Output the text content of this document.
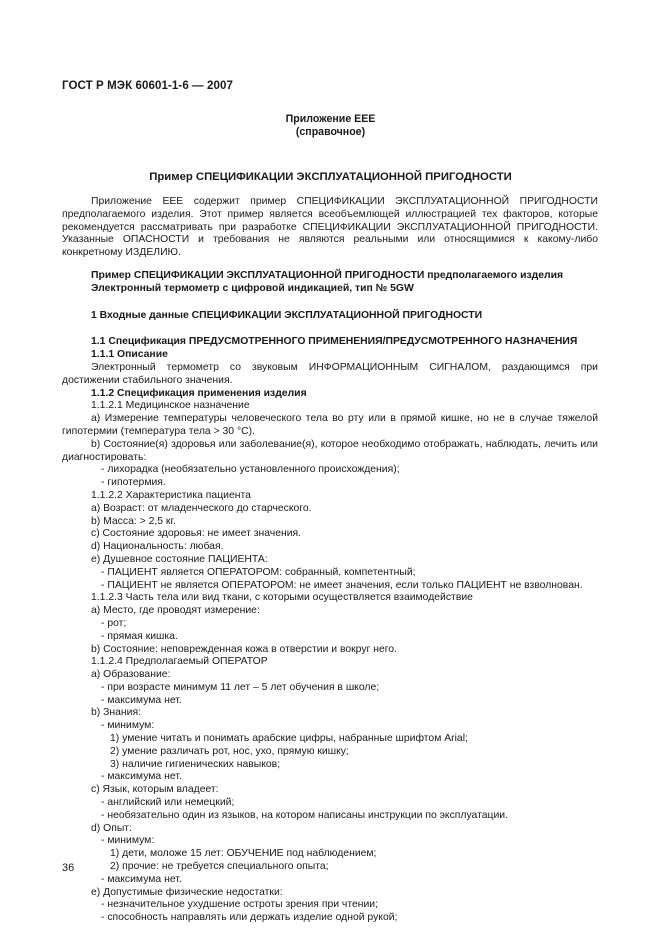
ГОСТ Р МЭК 60601-1-6 — 2007
Приложение ЕЕЕ
(справочное)
Пример СПЕЦИФИКАЦИИ ЭКСПЛУАТАЦИОННОЙ ПРИГОДНОСТИ

Приложение ЕЕЕ содержит пример СПЕЦИФИКАЦИИ ЭКСПЛУАТАЦИОННОЙ ПРИГОДНОСТИ предполагаемого изделия. Этот пример является всеобъемлющей иллюстрацией тех факторов, которые рекомендуется рассматривать при разработке СПЕЦИФИКАЦИИ ЭКСПЛУАТАЦИОННОЙ ПРИГОДНОСТИ. Указанные ОПАСНОСТИ и требования не являются реальными или относящимися к какому-либо конкретному ИЗДЕЛИЮ.

Пример СПЕЦИФИКАЦИИ ЭКСПЛУАТАЦИОННОЙ ПРИГОДНОСТИ предполагаемого изделия

Электронный термометр с цифровой индикацией, тип № 5GW

1 Входные данные СПЕЦИФИКАЦИИ ЭКСПЛУАТАЦИОННОЙ ПРИГОДНОСТИ

1.1 Спецификация ПРЕДУСМОТРЕННОГО ПРИМЕНЕНИЯ/ПРЕДУСМОТРЕННОГО НАЗНАЧЕНИЯ

1.1.1 Описание

Электронный термометр со звуковым ИНФОРМАЦИОННЫМ СИГНАЛОМ, раздающимся при достижении стабильного значения.

1.1.2 Спецификация применения изделия

1.1.2.1 Медицинское назначение

а) Измерение температуры человеческого тела во рту или в прямой кишке, но не в случае тяжелой гипотермии (температура тела > 30 °C).

b) Состояние(я) здоровья или заболевание(я), которое необходимо отображать, наблюдать, лечить или диагностировать:

- лихорадка (необязательно установленного происхождения);

- гипотермия.

1.1.2.2 Характеристика пациента

а) Возраст: от младенческого до старческого.

b) Масса: > 2,5 кг.

c) Состояние здоровья: не имеет значения.

d) Национальность: любая.

e) Душевное состояние ПАЦИЕНТА:

- ПАЦИЕНТ является ОПЕРАТОРОМ: собранный, компетентный;

- ПАЦИЕНТ не является ОПЕРАТОРОМ: не имеет значения, если только ПАЦИЕНТ не взволнован.

1.1.2.3 Часть тела или вид ткани, с которыми осуществляется взаимодействие

а) Место, где проводят измерение:

- рот;

- прямая кишка.

b) Состояние: неповрежденная кожа в отверстии и вокруг него.

1.1.2.4 Предполагаемый ОПЕРАТОР

а) Образование:

- при возрасте минимум 11 лет – 5 лет обучения в школе;

- максимума нет.

b) Знания:

- минимум:

1) умение читать и понимать арабские цифры, набранные шрифтом Arial;

2) умение различать рот, нос, ухо, прямую кишку;

3) наличие гигиенических навыков;

- максимума нет.

c) Язык, которым владеет:

- английский или немецкий;

- необязательно один из языков, на котором написаны инструкции по эксплуатации.

d) Опыт:

- минимум:

1) дети, моложе 15 лет: ОБУЧЕНИЕ под наблюдением;

2) прочие: не требуется специального опыта;

- максимума нет.

e) Допустимые физические недостатки:

- незначительное ухудшение остроты зрения при чтении;

- способность направлять или держать изделие одной рукой;

36
